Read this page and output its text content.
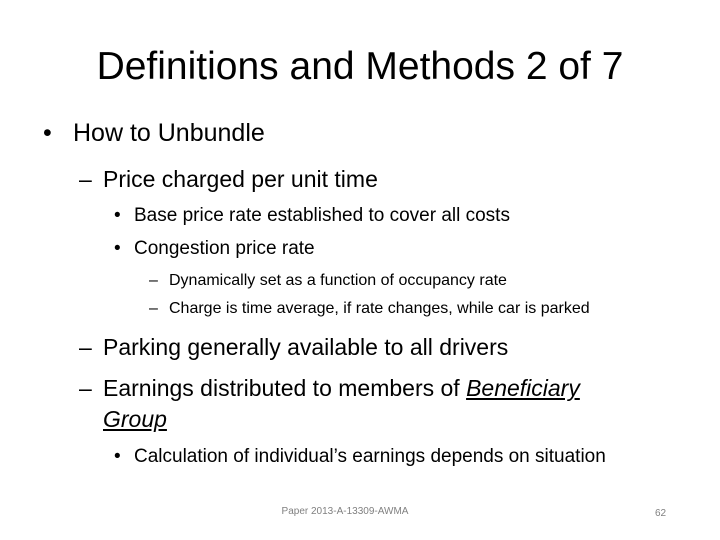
Definitions and Methods 2 of 7
• How to Unbundle
– Price charged per unit time
• Base price rate established to cover all costs
• Congestion price rate
– Dynamically set as a function of occupancy rate
– Charge is time average, if rate changes, while car is parked
– Parking generally available to all drivers
– Earnings distributed to members of Beneficiary
Group
• Calculation of individual’s earnings depends on situation
Paper 2013-A-13309-AWMA	62
